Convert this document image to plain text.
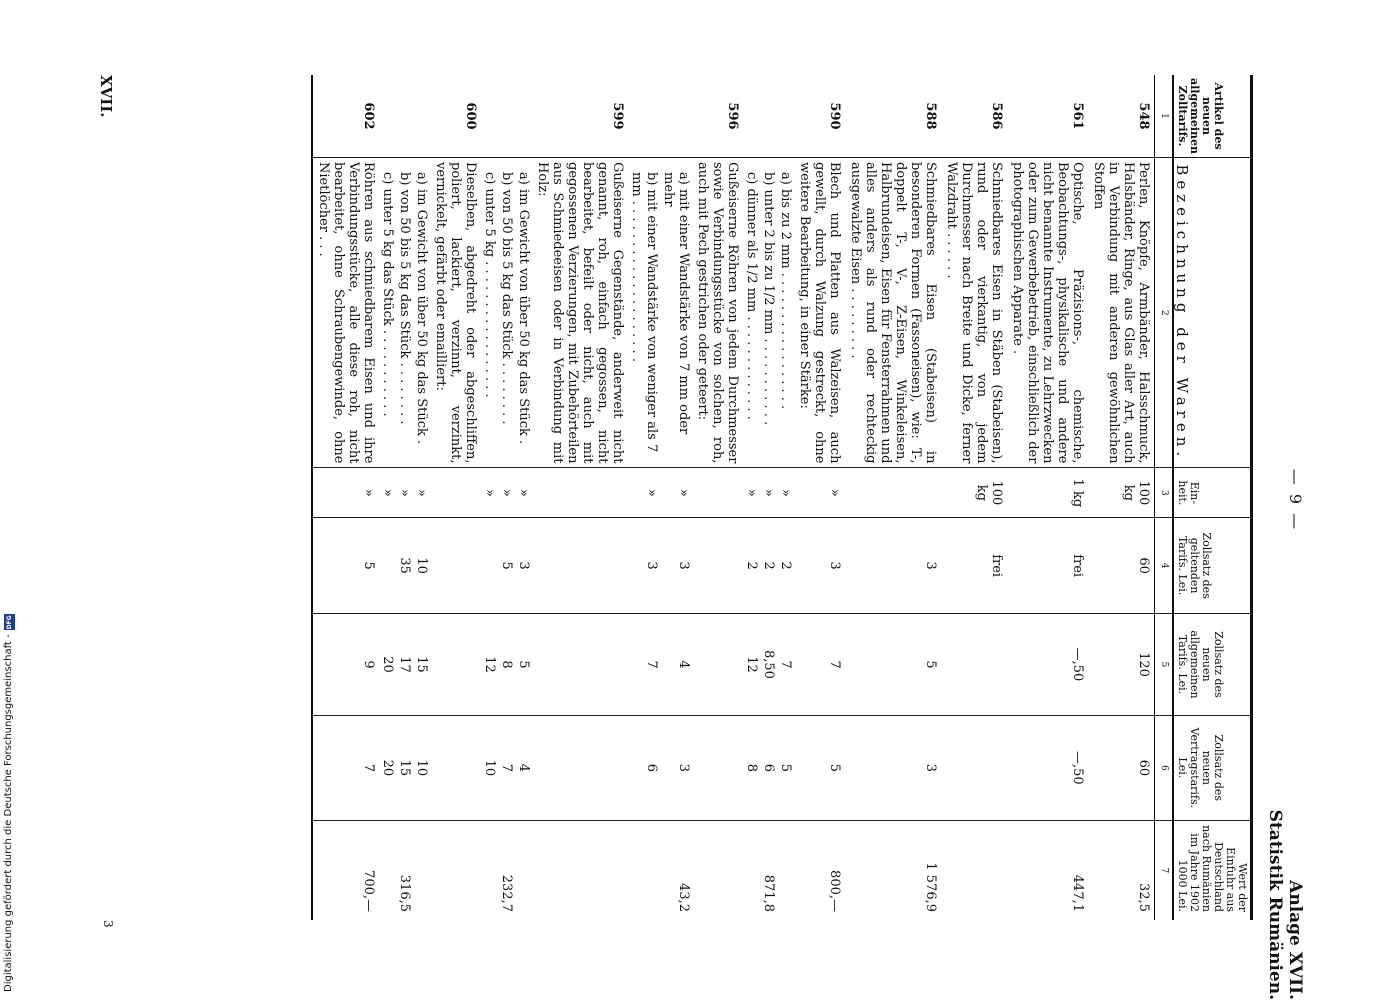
— 9 —
Anlage XVII.
Statistik Rumänien.
Artikel des neuen allgemeinen Zolltarifs.	Bezeichnung der Waren.	Ein-heit.	Zollsatz des geltenden Tarifs. Lei.	Zollsatz des neuen allgemeinen Tarifs. Lei.	Zollsatz des neuen Vertragstarifs. Lei.	Wert der Einfuhr aus Deutschland nach Rumänien im Jahre 1902 1000 Lei.
1	2	3	4	5	6	7
548	Perlen, Knöpfe, Armbänder, Halsschmuck, Halsbänder, Ringe, aus Glas aller Art, auch in Verbindung mit anderen gewöhnlichen Stoffen	100 kg	60	120	60	32,5
561	Optische, Präzisions-, chemische, Beobachtungs-, physikalische und andere nicht benannte Instrumente, zu Lehrzwecken oder zum Gewerbebetrieb, einschließlich der photographischen Apparate .	1 kg	frei	—,50	—,50	447,1
586	Schmiedbares Eisen in Stäben (Stabeisen), rund oder vierkantig, von jedem Durchmesser nach Breite und Dicke, ferner Walzdraht . . . . . .	100 kg	frei			
588	Schmiedbares Eisen (Stabeisen) in besonderen Formen (Fassoneisen), wie: T-, doppelt T-, V-, Z-Eisen, Winkeleisen, Halbrundeisen, Eisen für Fensterrahmen und alles anders als rund oder rechteckig ausgewalzte Eisen . . . . . . . . .		3	5	3	1 576,9
590	Blech und Platten aus Walzeisen, auch gewellt, durch Walzung gestreckt, ohne weitere Bearbeitung, in einer Stärke:	»	3	7	5	800,—
	a) bis zu 2 mm . . . . . . . . . . . . . . . . .	»	2	7	5	
	b) unter 2 bis zu 1/2 mm . . . . . . . . . . .	»	2	8,50	6	871,8
	c) dünner als 1/2 mm . . . . . . . . . . . . .	»	2	12	8	
596	Gußeiserne Röhren von jedem Durchmesser sowie Verbindungsstücke von solchen, roh, auch mit Pech gestrichen oder geteert:					
	a) mit einer Wandstärke von 7 mm oder mehr	»	3	4	3	43,2
	b) mit einer Wandstärke von weniger als 7 mm . . . . . . . . . . . . . . . . . . . .	»	3	7	6	
599	Gußeiserne Gegenstände, anderweit nicht genannt, roh, einfach gegossen, nicht bearbeitet, befeilt oder nicht, auch mit gegossenen Verzierungen, mit Zubehörteilen aus Schmiedeeisen oder in Verbindung mit Holz:					
	a) im Gewicht von über 50 kg das Stück .	»	3	5	4	
	b) von 50 bis 5 kg das Stück . . . . . . . .	»	5	8	7	232,7
	c) unter 5 kg . . . . . . . . . . . . . . . . .	»		12	10	
600	Dieselben, abgedreht oder abgeschliffen, poliert, lackiert, verzinnt, verzinkt, vernickelt, gefärbt oder emailliert:					
	a) im Gewicht von über 50 kg das Stück .	»	10	15	10	
	b) von 50 bis 5 kg das Stück . . . . . . . .	»	35	17	15	316,5
	c) unter 5 kg das Stück . . . . . . . . . . .	»		20	20	
602	Röhren aus schmiedbarem Eisen und ihre Verbindungsstücke, alle diese roh, nicht bearbeitet, ohne Schraubengewinde, ohne Nietlöcher . . .	»	5	9	7	700,—
XVII.
3
Digitalisierung gefördert durch die Deutsche Forschungsgemeinschaft -
DFG
